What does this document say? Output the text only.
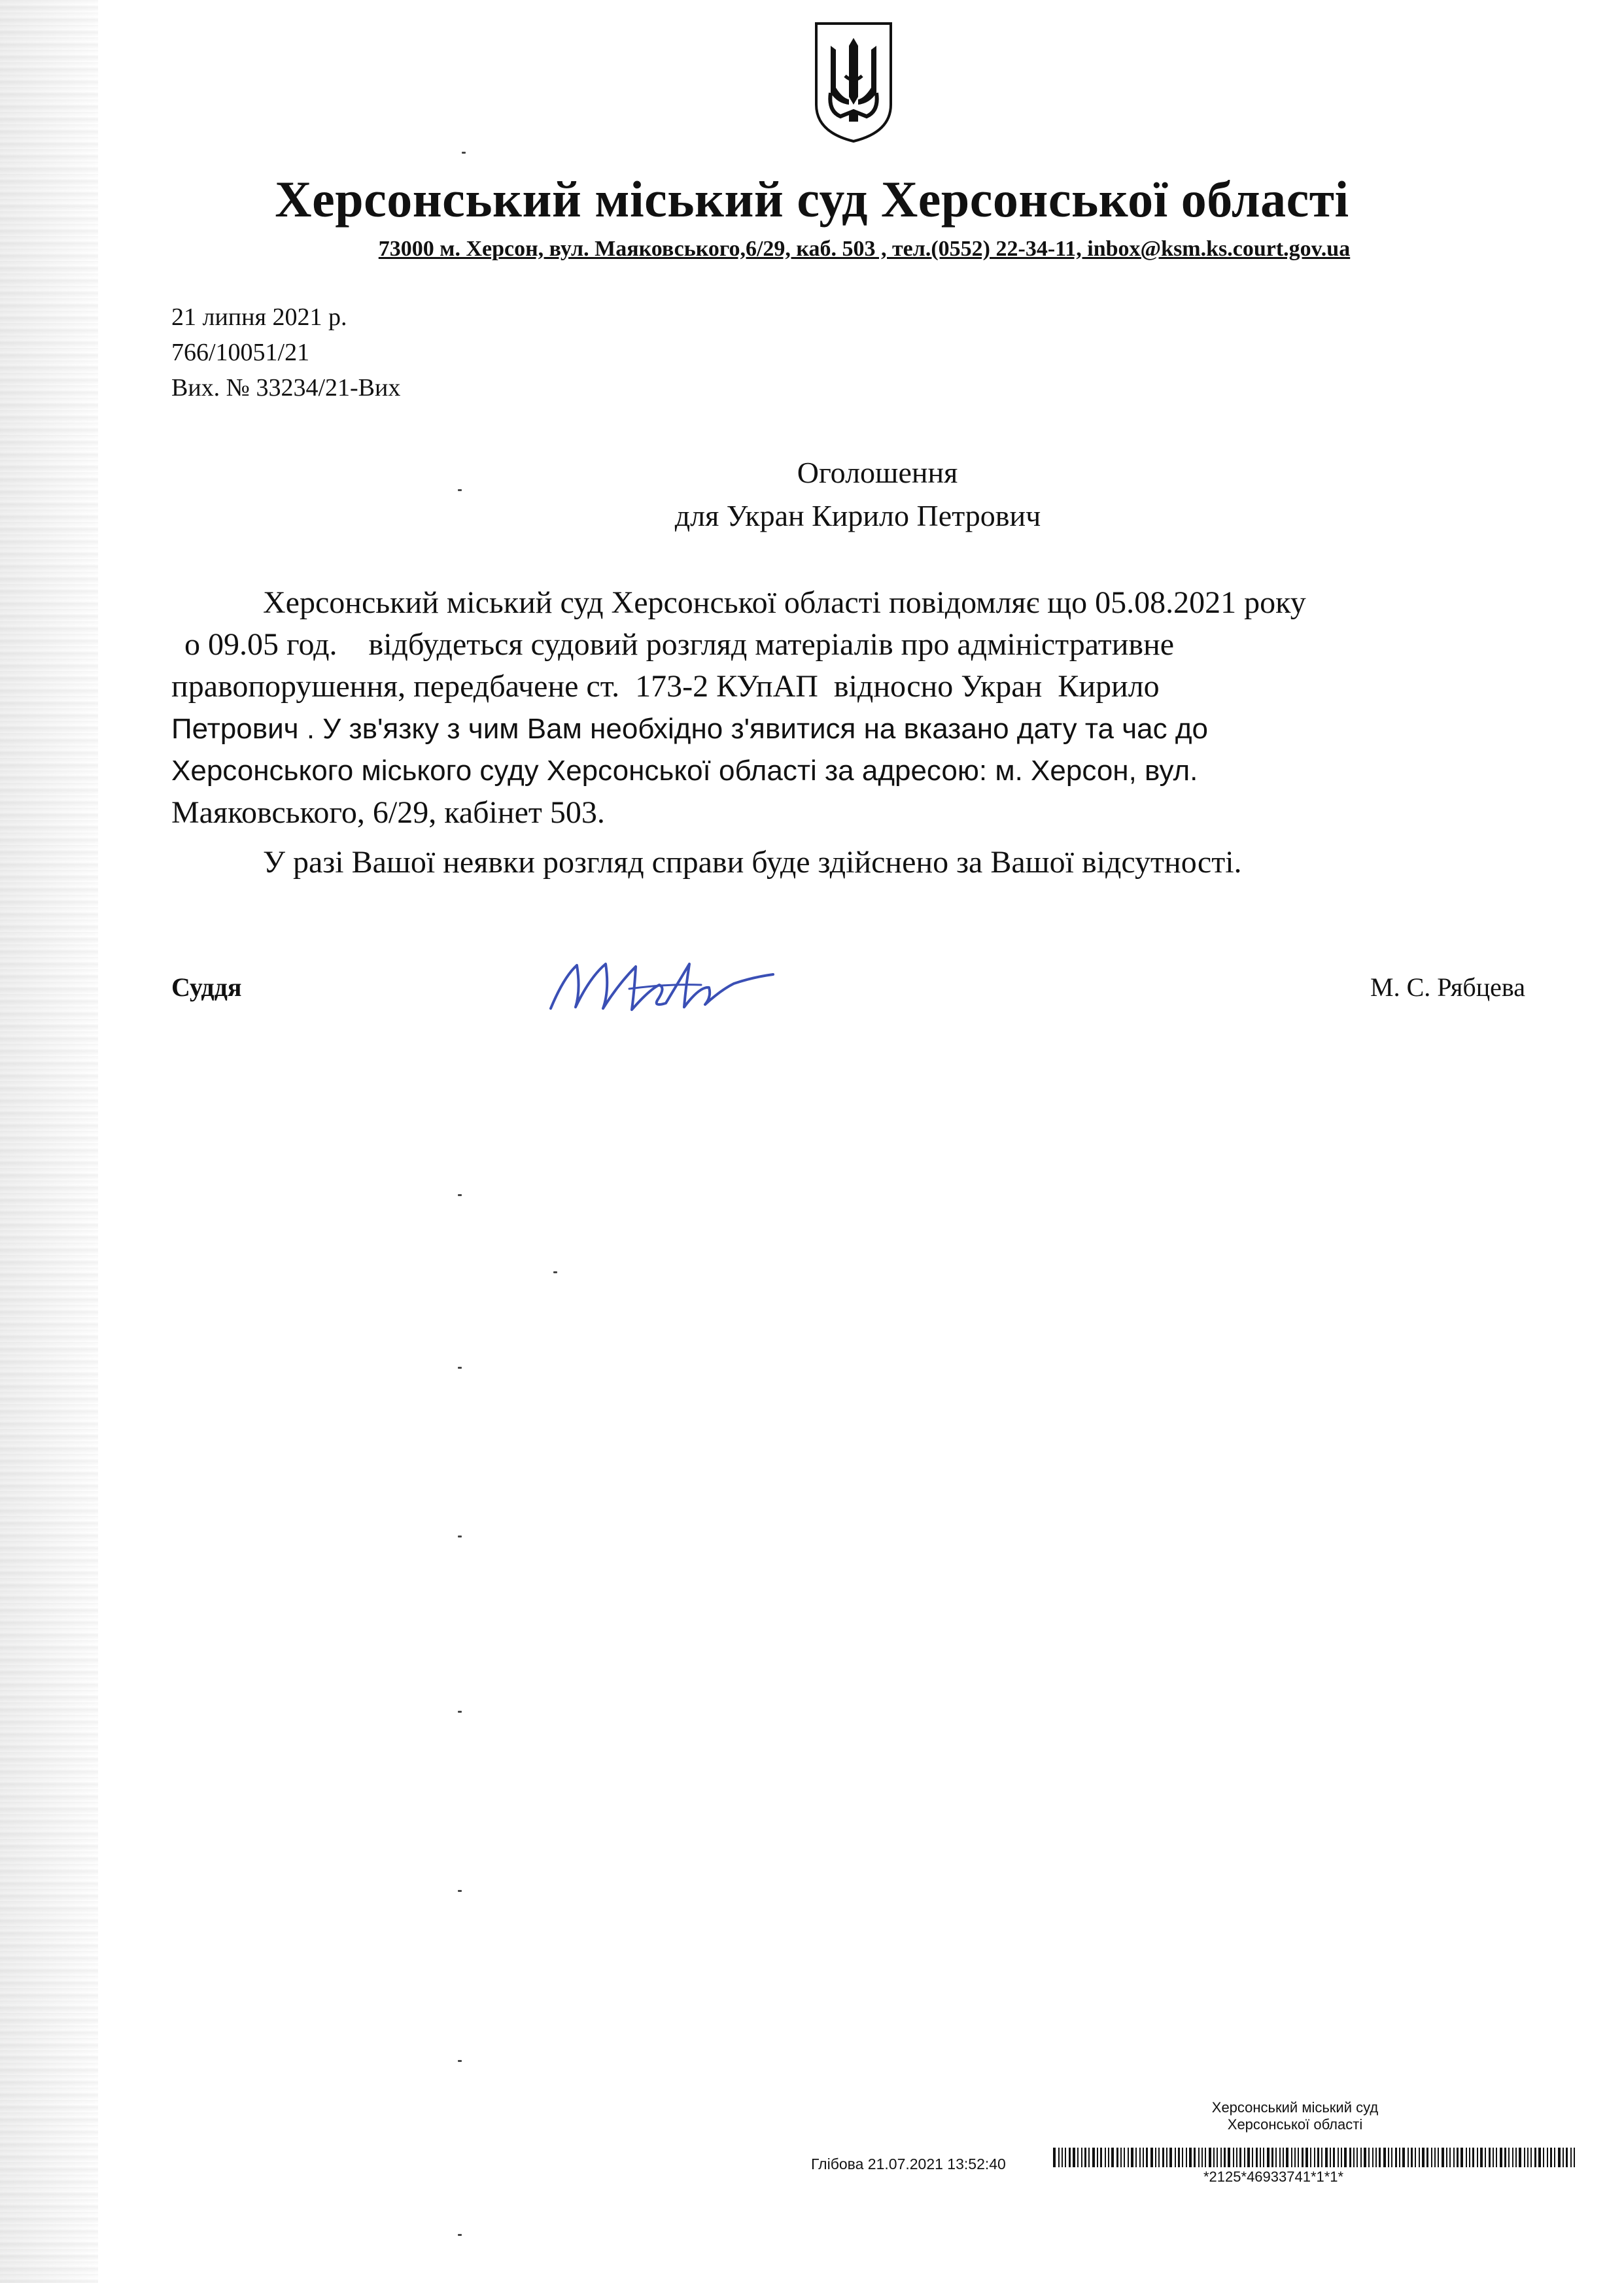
Херсонський міський суд Херсонської області
73000 м. Херсон, вул. Маяковського,6/29, каб. 503 , тел.(0552) 22-34-11, inbox@ksm.ks.court.gov.ua
21 липня 2021 р.
766/10051/21
Вих. № 33234/21-Вих
Оголошення
для Укран Кирило Петрович
Херсонський міський суд Херсонської області повідомляє що 05.08.2021 року
о 09.05 год.    відбудеться судовий розгляд матеріалів про адміністративне
правопорушення, передбачене ст.  173-2 КУпАП  відносно Укран  Кирило
Петрович . У зв'язку з чим Вам необхідно з'явитися на вказано дату та час до
Херсонського міського суду Херсонської області за адресою: м. Херсон, вул.
Маяковського, 6/29, кабінет 503.
У разі Вашої неявки розгляд справи буде здійснено за Вашої відсутності.
Суддя	М. С. Рябцева
Херсонський міський суд
Херсонської області
Глібова 21.07.2021 13:52:40
*2125*46933741*1*1*
